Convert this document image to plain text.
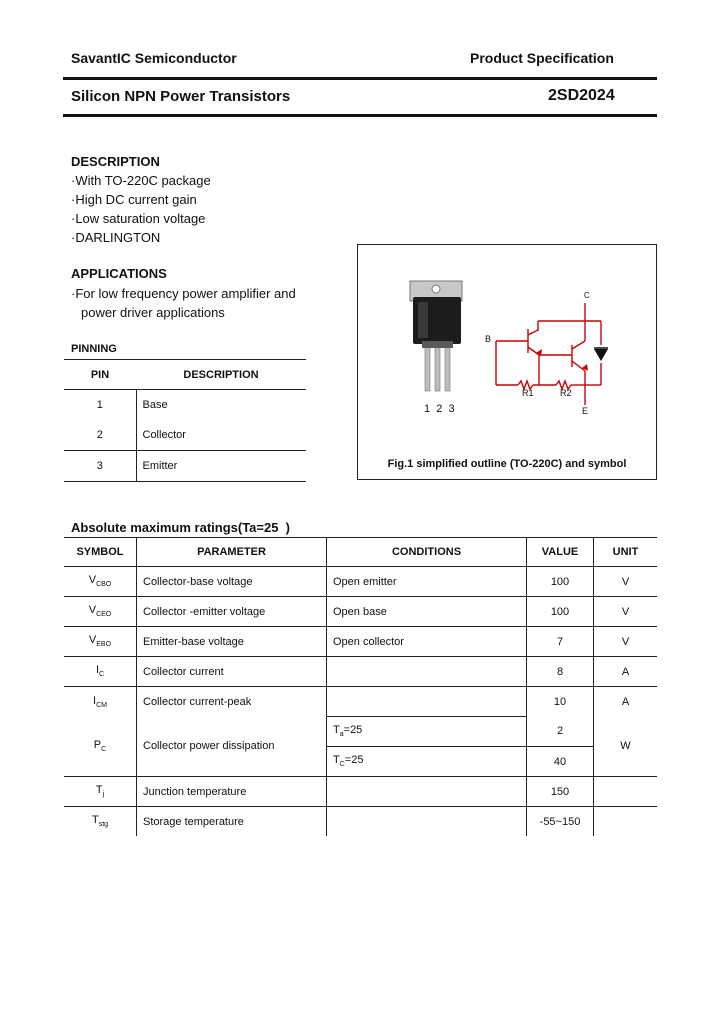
SavantIC Semiconductor	Product Specification
Silicon NPN Power Transistors	2SD2024
DESCRIPTION
·With TO-220C package
·High DC current gain
·Low saturation voltage
·DARLINGTON
APPLICATIONS
·For low frequency power amplifier and
power driver applications
PINNING
PIN	DESCRIPTION
1	Base
2	Collector
3	Emitter
C
B
R1	R2
E
1  2  3
Fig.1 simplified outline (TO-220C) and symbol
Absolute maximum ratings(Ta=25  )
SYMBOL	PARAMETER	CONDITIONS	VALUE	UNIT
$V_{CBO}$	Collector-base voltage	Open emitter	100	V
$V_{CEO}$	Collector -emitter voltage	Open base	100	V
$V_{EBO}$	Emitter-base voltage	Open collector	7	V
$I_C$	Collector current		8	A
$I_{CM}$	Collector current-peak		10	A
$P_C$	Collector power dissipation	$T_a=25$	2	W
		$T_C=25$	40	
$T_j$	Junction temperature		150	
$T_{stg}$	Storage temperature		-55~150	
